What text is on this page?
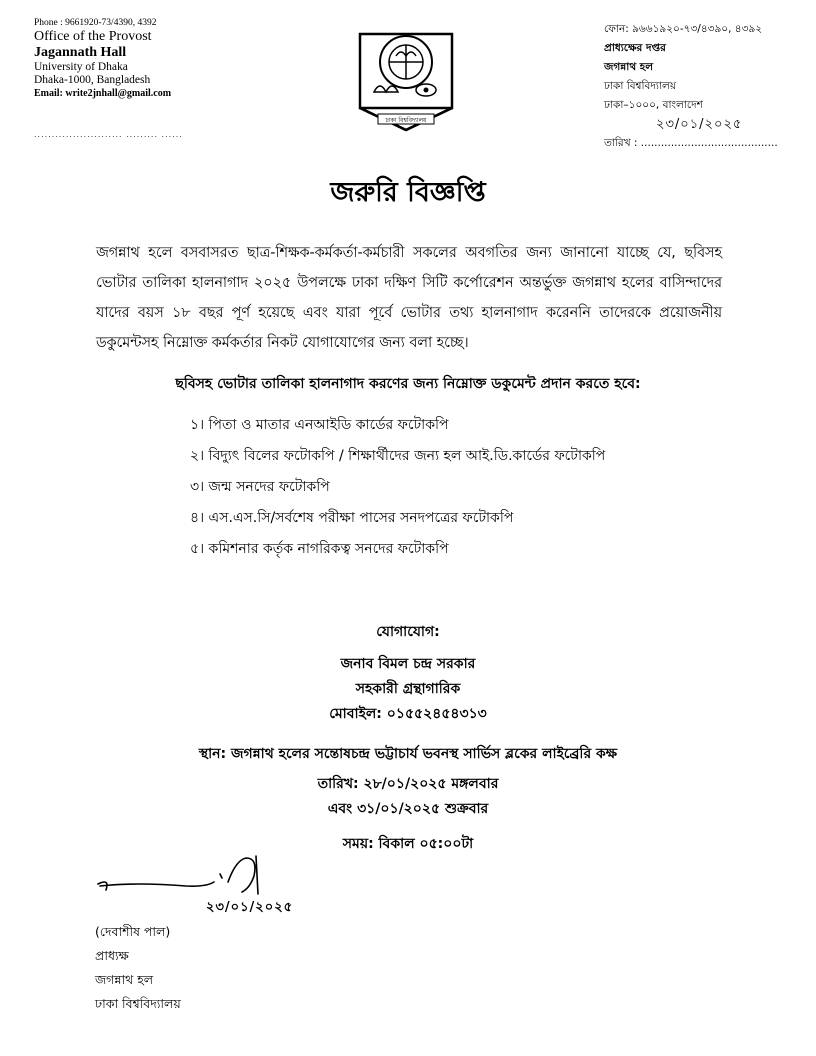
Phone : 9661920-73/4390, 4392
Office of the Provost
Jagannath Hall
University of Dhaka
Dhaka-1000, Bangladesh
Email: write2jnhall@gmail.com
......................... ......... ......
ঢাকা বিশ্ববিদ্যালয়
ফোন: ৯৬৬১৯২০-৭৩/৪৩৯০, ৪৩৯২
প্রাধ্যক্ষের দপ্তর
জগন্নাথ হল
ঢাকা বিশ্ববিদ্যালয়
ঢাকা–১০০০, বাংলাদেশ
২৩/০১/২০২৫
তারিখ : .........................................
জরুরি বিজ্ঞপ্তি
জগন্নাথ হলে বসবাসরত ছাত্র-শিক্ষক-কর্মকর্তা-কর্মচারী সকলের অবগতির জন্য জানানো যাচ্ছে যে, ছবিসহ ভোটার তালিকা হালনাগাদ ২০২৫ উপলক্ষে ঢাকা দক্ষিণ সিটি কর্পোরেশন অন্তর্ভুক্ত জগন্নাথ হলের বাসিন্দাদের যাদের বয়স ১৮ বছর পূর্ণ হয়েছে এবং যারা পূর্বে ভোটার তথ্য হালনাগাদ করেননি তাদেরকে প্রয়োজনীয় ডকুমেন্টসহ নিম্নোক্ত কর্মকর্তার নিকট যোগাযোগের জন্য বলা হচ্ছে।
ছবিসহ ভোটার তালিকা হালনাগাদ করণের জন্য নিম্নোক্ত ডকুমেন্ট প্রদান করতে হবে:
১। পিতা ও মাতার এনআইডি কার্ডের ফটোকপি
২। বিদ্যুৎ বিলের ফটোকপি / শিক্ষার্থীদের জন্য হল আই.ডি.কার্ডের ফটোকপি
৩। জন্ম সনদের ফটোকপি
৪। এস.এস.সি/সর্বশেষ পরীক্ষা পাসের সনদপত্রের ফটোকপি
৫। কমিশনার কর্তৃক নাগরিকত্ব সনদের ফটোকপি
যোগাযোগ:
জনাব বিমল চন্দ্র সরকার
সহকারী গ্রন্থাগারিক
মোবাইল: ০১৫৫২৪৫৪৩১৩
স্থান: জগন্নাথ হলের সন্তোষচন্দ্র ভট্টাচার্য ভবনস্থ সার্ভিস ব্লকের লাইব্রেরি কক্ষ
তারিখ: ২৮/০১/২০২৫ মঙ্গলবার
এবং ৩১/০১/২০২৫ শুক্রবার
সময়: বিকাল ০৫:০০টা
২৩/০১/২০২৫
(দেবাশীষ পাল)
প্রাধ্যক্ষ
জগন্নাথ হল
ঢাকা বিশ্ববিদ্যালয়
